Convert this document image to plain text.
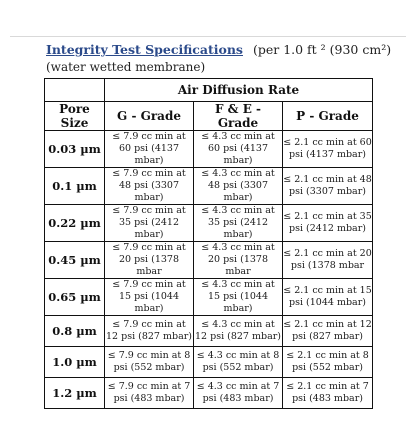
Integrity Test Specifications (per 1.0 ft ² (930 cm²)
(water wetted membrane)
	Air Diffusion Rate		
Pore Size	G - Grade	F & E - Grade	P - Grade
0.03 µm	≤ 7.9 cc min at 60 psi (4137 mbar)	≤ 4.3 cc min at 60 psi (4137 mbar)	≤ 2.1 cc min at 60 psi (4137 mbar)
0.1 µm	≤ 7.9 cc min at 48 psi (3307 mbar)	≤ 4.3 cc min at 48 psi (3307 mbar)	≤ 2.1 cc min at 48 psi (3307 mbar)
0.22 µm	≤ 7.9 cc min at 35 psi (2412 mbar)	≤ 4.3 cc min at 35 psi (2412 mbar)	≤ 2.1 cc min at 35 psi (2412 mbar)
0.45 µm	≤ 7.9 cc min at 20 psi (1378 mbar	≤ 4.3 cc min at 20 psi (1378 mbar	≤ 2.1 cc min at 20 psi (1378 mbar
0.65 µm	≤ 7.9 cc min at 15 psi (1044 mbar)	≤ 4.3 cc min at 15 psi (1044 mbar)	≤ 2.1 cc min at 15 psi (1044 mbar)
0.8 µm	≤ 7.9 cc min at 12 psi (827 mbar)	≤ 4.3 cc min at 12 psi (827 mbar)	≤ 2.1 cc min at 12 psi (827 mbar)
1.0 µm	≤ 7.9 cc min at 8 psi (552 mbar)	≤ 4.3 cc min at 8 psi (552 mbar)	≤ 2.1 cc min at 8 psi (552 mbar)
1.2 µm	≤ 7.9 cc min at 7 psi (483 mbar)	≤ 4.3 cc min at 7 psi (483 mbar)	≤ 2.1 cc min at 7 psi (483 mbar)
